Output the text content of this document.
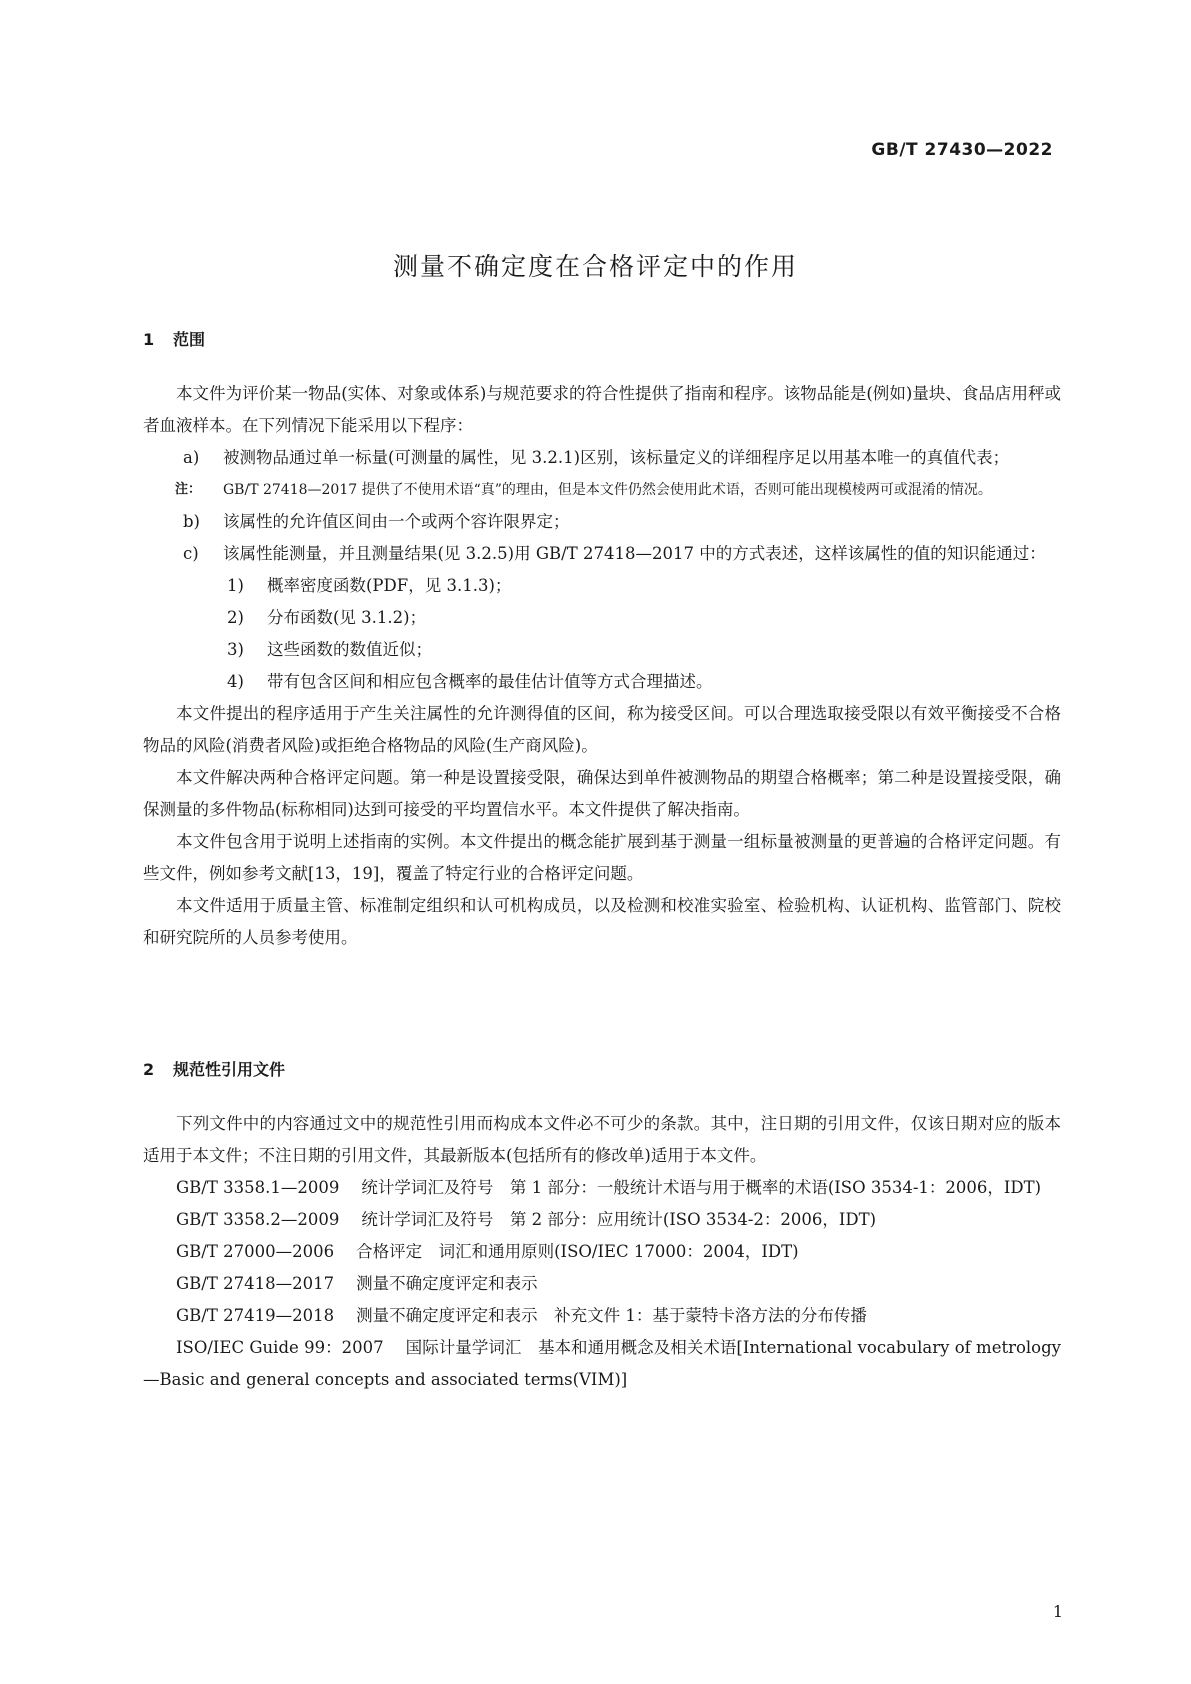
GB/T 27430—2022
测量不确定度在合格评定中的作用
1 范围

本文件为评价某一物品(实体、对象或体系)与规范要求的符合性提供了指南和程序。该物品能是(例如)量块、食品店用秤或者血液样本。在下列情况下能采用以下程序：

a) 被测物品通过单一标量(可测量的属性，见 3.2.1)区别，该标量定义的详细程序足以用基本唯一的真值代表；

注： GB/T 27418—2017 提供了不使用术语“真”的理由，但是本文件仍然会使用此术语，否则可能出现模棱两可或混淆的情况。

b) 该属性的允许值区间由一个或两个容许限界定；

c) 该属性能测量，并且测量结果(见 3.2.5)用 GB/T 27418—2017 中的方式表述，这样该属性的值的知识能通过：

1) 概率密度函数(PDF，见 3.1.3)；

2) 分布函数(见 3.1.2)；

3) 这些函数的数值近似；

4) 带有包含区间和相应包含概率的最佳估计值等方式合理描述。

本文件提出的程序适用于产生关注属性的允许测得值的区间，称为接受区间。可以合理选取接受限以有效平衡接受不合格物品的风险(消费者风险)或拒绝合格物品的风险(生产商风险)。

本文件解决两种合格评定问题。第一种是设置接受限，确保达到单件被测物品的期望合格概率；第二种是设置接受限，确保测量的多件物品(标称相同)达到可接受的平均置信水平。本文件提供了解决指南。

本文件包含用于说明上述指南的实例。本文件提出的概念能扩展到基于测量一组标量被测量的更普遍的合格评定问题。有些文件，例如参考文献[13，19]，覆盖了特定行业的合格评定问题。

本文件适用于质量主管、标准制定组织和认可机构成员，以及检测和校准实验室、检验机构、认证机构、监管部门、院校和研究院所的人员参考使用。

2 规范性引用文件

下列文件中的内容通过文中的规范性引用而构成本文件必不可少的条款。其中，注日期的引用文件，仅该日期对应的版本适用于本文件；不注日期的引用文件，其最新版本(包括所有的修改单)适用于本文件。

GB/T 3358.1—2009 统计学词汇及符号　第 1 部分：一般统计术语与用于概率的术语(ISO 3534-1：2006，IDT)

GB/T 3358.2—2009 统计学词汇及符号　第 2 部分：应用统计(ISO 3534-2：2006，IDT)

GB/T 27000—2006 合格评定　词汇和通用原则(ISO/IEC 17000：2004，IDT)

GB/T 27418—2017 测量不确定度评定和表示

GB/T 27419—2018 测量不确定度评定和表示　补充文件 1：基于蒙特卡洛方法的分布传播

ISO/IEC Guide 99：2007 国际计量学词汇　基本和通用概念及相关术语[International vocabulary of metrology—Basic and general concepts and associated terms(VIM)]

1
